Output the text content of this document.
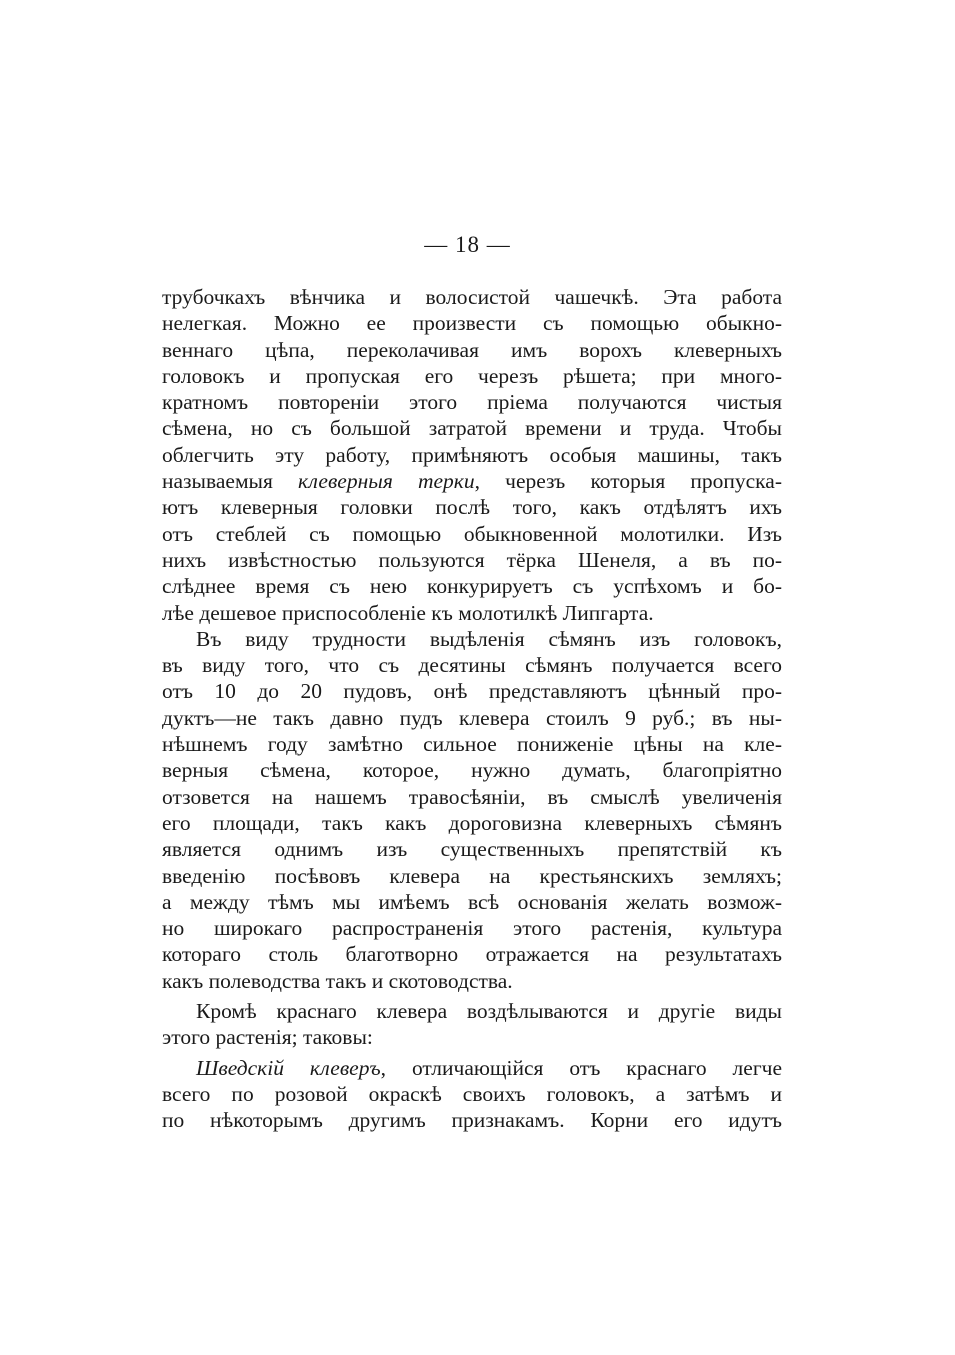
— 18 —
трубочкахъ вѣнчика и волосистой чашечкѣ. Эта работа
нелегкая. Можно ее произвести съ помощью обыкно-
веннаго цѣпа, переколачивая имъ ворохъ клеверныхъ
головокъ и пропуская его черезъ рѣшета; при много-
кратномъ повтореніи этого пріема получаются чистыя
сѣмена, но съ большой затратой времени и труда. Чтобы
облегчить эту работу, примѣняютъ особыя машины, такъ
называемыя клеверныя терки, черезъ которыя пропуска-
ютъ клеверныя головки послѣ того, какъ отдѣлятъ ихъ
отъ стеблей съ помощью обыкновенной молотилки. Изъ
нихъ извѣстностью пользуются тёрка Шенеля, а въ по-
слѣднее время съ нею конкурируетъ съ успѣхомъ и бо-
лѣе дешевое приспособленіе къ молотилкѣ Липгарта.
Въ виду трудности выдѣленія сѣмянъ изъ головокъ,
въ виду того, что съ десятины сѣмянъ получается всего
отъ 10 до 20 пудовъ, онѣ представляютъ цѣнный про-
дуктъ—не такъ давно пудъ клевера стоилъ 9 руб.; въ ны-
нѣшнемъ году замѣтно сильное пониженіе цѣны на кле-
верныя сѣмена, которое, нужно думать, благопріятно
отзовется на нашемъ травосѣяніи, въ смыслѣ увеличенія
его площади, такъ какъ дороговизна клеверныхъ сѣмянъ
является однимъ изъ существенныхъ препятствій къ
введенію посѣвовъ клевера на крестьянскихъ земляхъ;
а между тѣмъ мы имѣемъ всѣ основанія желать возмож-
но широкаго распространенія этого растенія, культура
котораго столь благотворно отражается на результатахъ
какъ полеводства такъ и скотоводства.
Кромѣ краснаго клевера воздѣлываются и другіе виды
этого растенія; таковы:
Шведскій клеверъ, отличающійся отъ краснаго легче
всего по розовой окраскѣ своихъ головокъ, а затѣмъ и
по нѣкоторымъ другимъ признакамъ. Корни его идутъ
